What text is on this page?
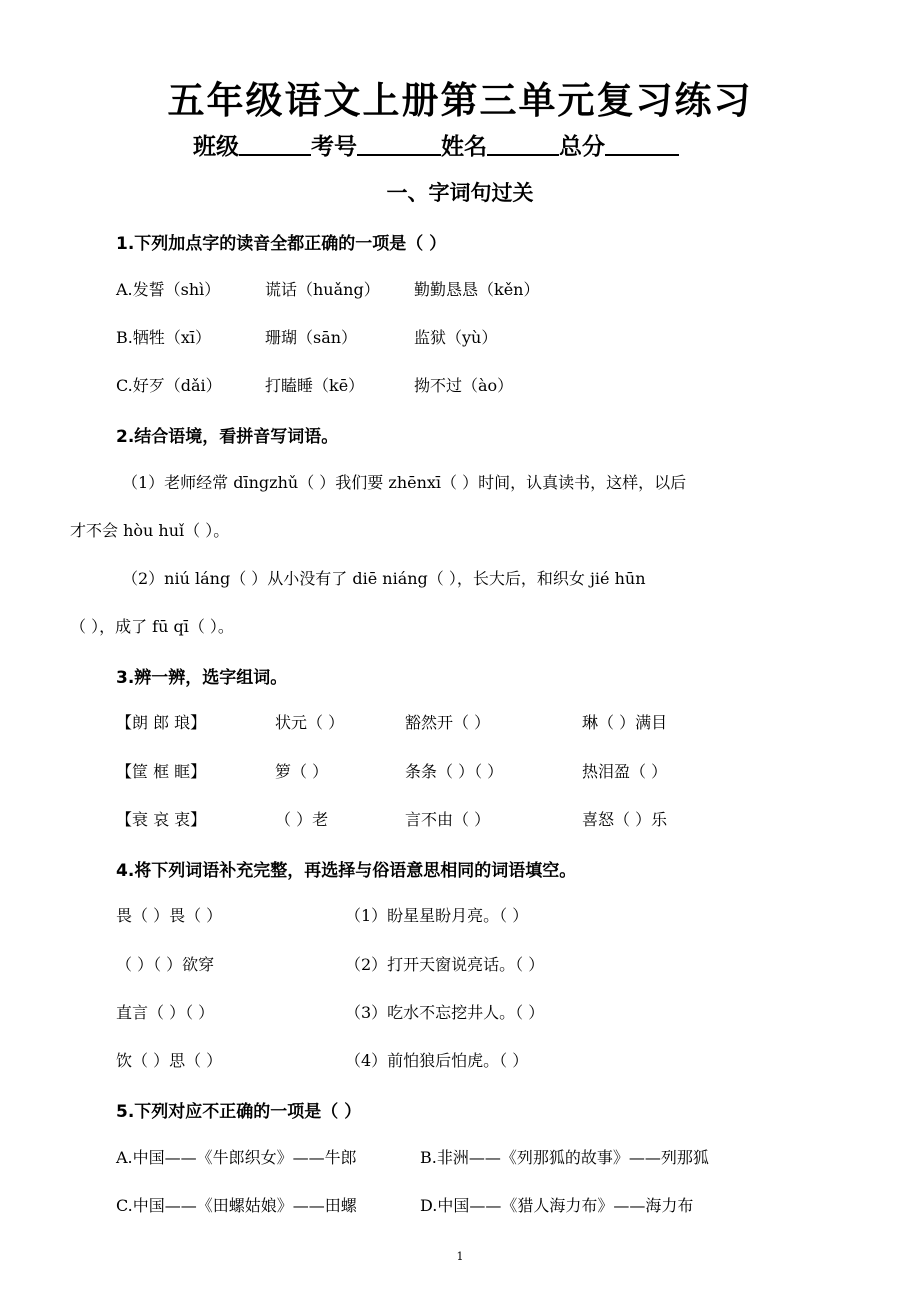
五年级语文上册第三单元复习练习
班级	考号	姓名	总分
一、字词句过关
1.下列加点字的读音全都正确的一项是（ ）
A.发誓（shì）	谎话（huǎng） 勤勤恳恳（kěn）
B.牺牲（xī）	珊瑚（sān）	监狱（yù）
C.好歹（dǎi）	打瞌睡（kē）	拗不过（ào）
2.结合语境，看拼音写词语。
（1）老师经常 dīngzhǔ（ ）我们要 zhēnxī（ ）时间，认真读书，这样，以后
才不会 hòu huǐ（ ）。
（2）niú láng（ ）从小没有了 diē niáng（ ），长大后，和织女 jié hūn
（ ），成了 fū qī（ ）。
3.辨一辨，选字组词。
【朗 郎 琅】	状元（ ）	豁然开（ ）	琳（ ）满目
【筐 框 眶】	箩（ ）	条条（ ）（ ）	热泪盈（ ）
【衰 哀 衷】	（ ）老	言不由（ ）	喜怒（ ）乐
4.将下列词语补充完整，再选择与俗语意思相同的词语填空。
畏（ ）畏（ ）	（1）盼星星盼月亮。（ ）
（ ）（ ）欲穿	（2）打开天窗说亮话。（ ）
直言（ ）（ ）	（3）吃水不忘挖井人。（ ）
饮（ ）思（ ）	（4）前怕狼后怕虎。（ ）
5.下列对应不正确的一项是（ ）
A.中国——《牛郎织女》——牛郎	B.非洲——《列那狐的故事》——列那狐
C.中国——《田螺姑娘》——田螺	D.中国——《猎人海力布》——海力布
1
